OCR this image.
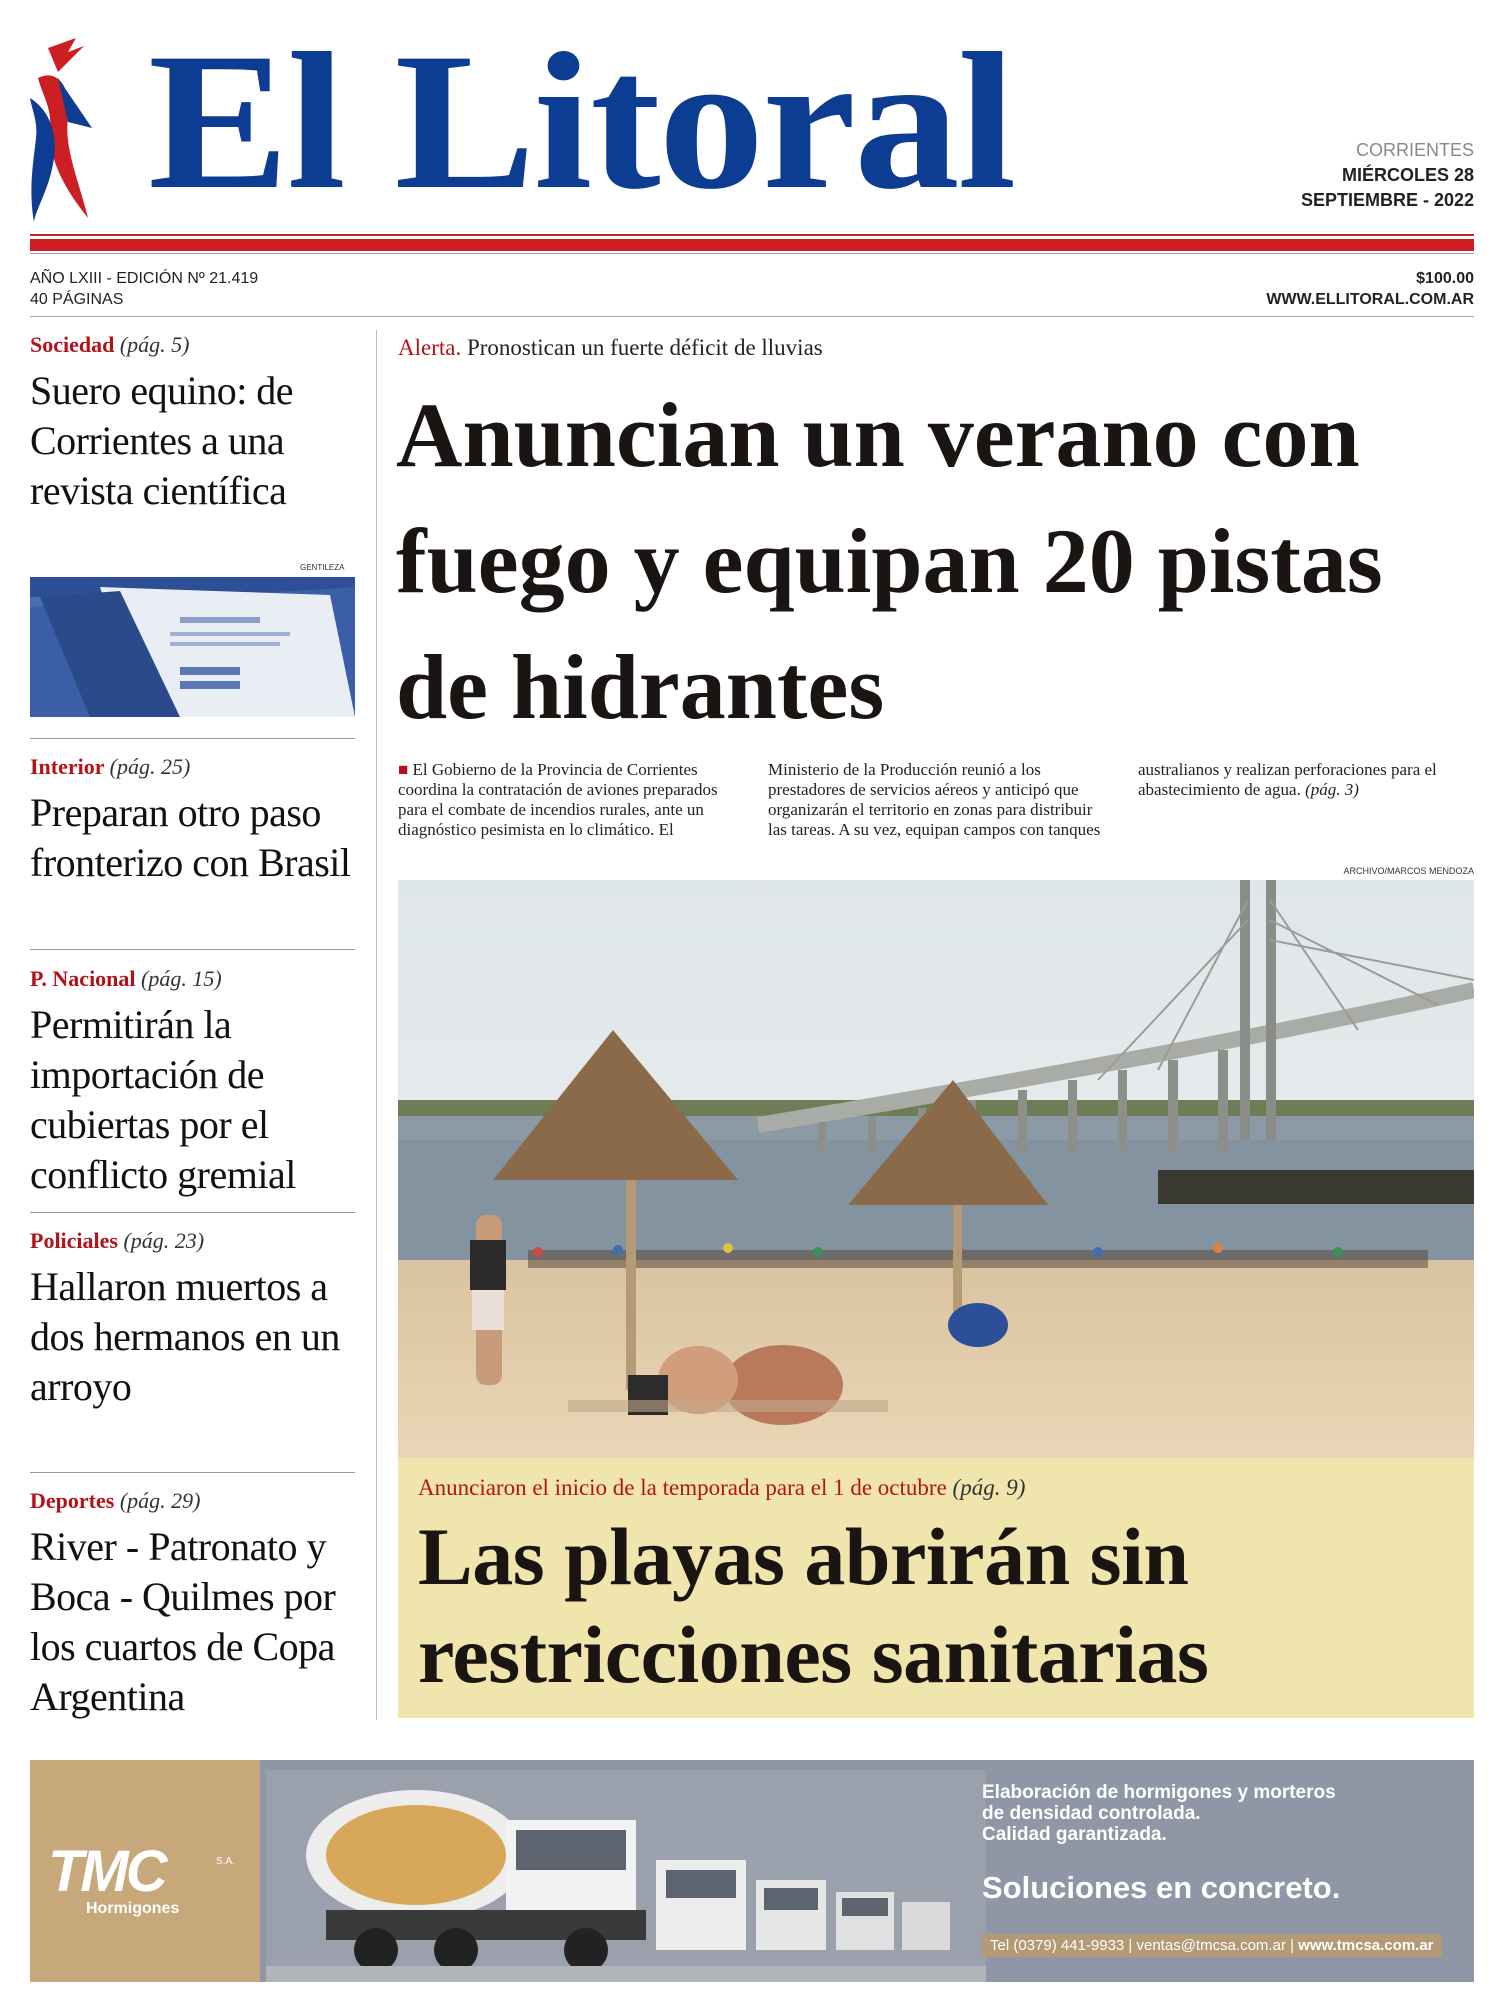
El Litoral	CORRIENTES
MIÉRCOLES 28
SEPTIEMBRE - 2022
AÑO LXIII - EDICIÓN Nº 21.419
40 PÁGINAS
$100.00
WWW.ELLITORAL.COM.AR
Sociedad (pág. 5)
Suero equino: de Corrientes a una revista científica
GENTILEZA
Interior (pág. 25)
Preparan otro paso fronterizo con Brasil
P. Nacional (pág. 15)
Permitirán la importación de cubiertas por el conflicto gremial
Policiales (pág. 23)
Hallaron muertos a dos hermanos en un arroyo
Deportes (pág. 29)
River - Patronato y Boca - Quilmes por los cuartos de Copa Argentina
Alerta. Pronostican un fuerte déficit de lluvias
Anuncian un verano con fuego y equipan 20 pistas de hidrantes
■ El Gobierno de la Provincia de Corrientes coordina la contratación de aviones preparados para el combate de incendios rurales, ante un diagnóstico pesimista en lo climático. El Ministerio de la Producción reunió a los prestadores de servicios aéreos y anticipó que organizarán el territorio en zonas para distribuir las tareas. A su vez, equipan campos con tanques australianos y realizan perforaciones para el abastecimiento de agua. (pág. 3)
ARCHIVO/MARCOS MENDOZA
Anunciaron el inicio de la temporada para el 1 de octubre (pág. 9)
Las playas abrirán sin restricciones sanitarias
TMC	S.A.
Hormigones
Elaboración de hormigones y morteros
de densidad controlada.
Calidad garantizada.
Soluciones en concreto.
Tel (0379) 441-9933 | ventas@tmcsa.com.ar | www.tmcsa.com.ar
